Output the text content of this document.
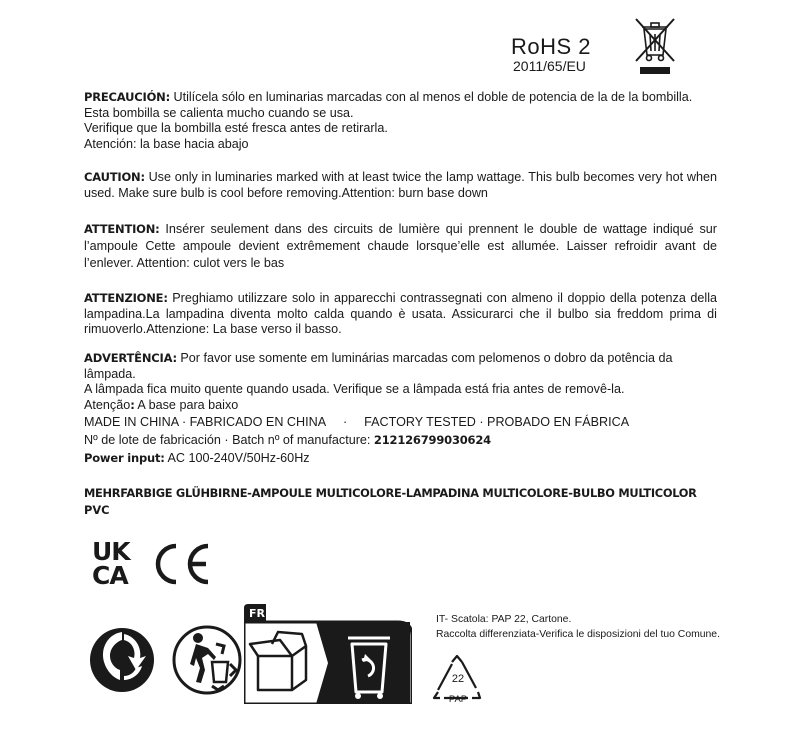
RoHS 2
2011/65/EU
PRECAUCIÓN: Utilícela sólo en luminarias marcadas con al menos el doble de potencia de la de la bombilla.
Esta bombilla se calienta mucho cuando se usa.
Verifique que la bombilla esté fresca antes de retirarla.
Atención: la base hacia abajo
CAUTION: Use only in luminaries marked with at least twice the lamp wattage. This bulb becomes very hot when used. Make sure bulb is cool before removing.Attention: burn base down
ATTENTION: Insérer seulement dans des circuits de lumière qui prennent le double de wattage indiqué sur l’ampoule Cette ampoule devient extrêmement chaude lorsque’elle est allumée. Laisser refroidir avant de l’enlever. Attention: culot vers le bas
ATTENZIONE: Preghiamo utilizzare solo in apparecchi contrassegnati con almeno il doppio della potenza della lampadina.La lampadina diventa molto calda quando è usata. Assicurarci che il bulbo sia freddom prima di rimuoverlo.Attenzione: La base verso il basso.
ADVERTÊNCIA: Por favor use somente em luminárias marcadas com pelomenos o dobro da potência da lâmpada.
A lâmpada fica muito quente quando usada. Verifique se a lâmpada está fria antes de removê-la.
Atenção: A base para baixo
MADE IN CHINA · FABRICADO EN CHINA · FACTORY TESTED · PROBADO EN FÁBRICA
Nº de lote de fabricación · Batch nº of manufacture: 212126799030624
Power input: AC 100-240V/50Hz-60Hz
MEHRFARBIGE GLÜHBIRNE-AMPOULE MULTICOLORE-LAMPADINA MULTICOLORE-BULBO MULTICOLOR
PVC
UK
CA
FR	IT- Scatola: PAP 22, Cartone.
Raccolta differenziata-Verifica le disposizioni del tuo Comune.
22
PAP
